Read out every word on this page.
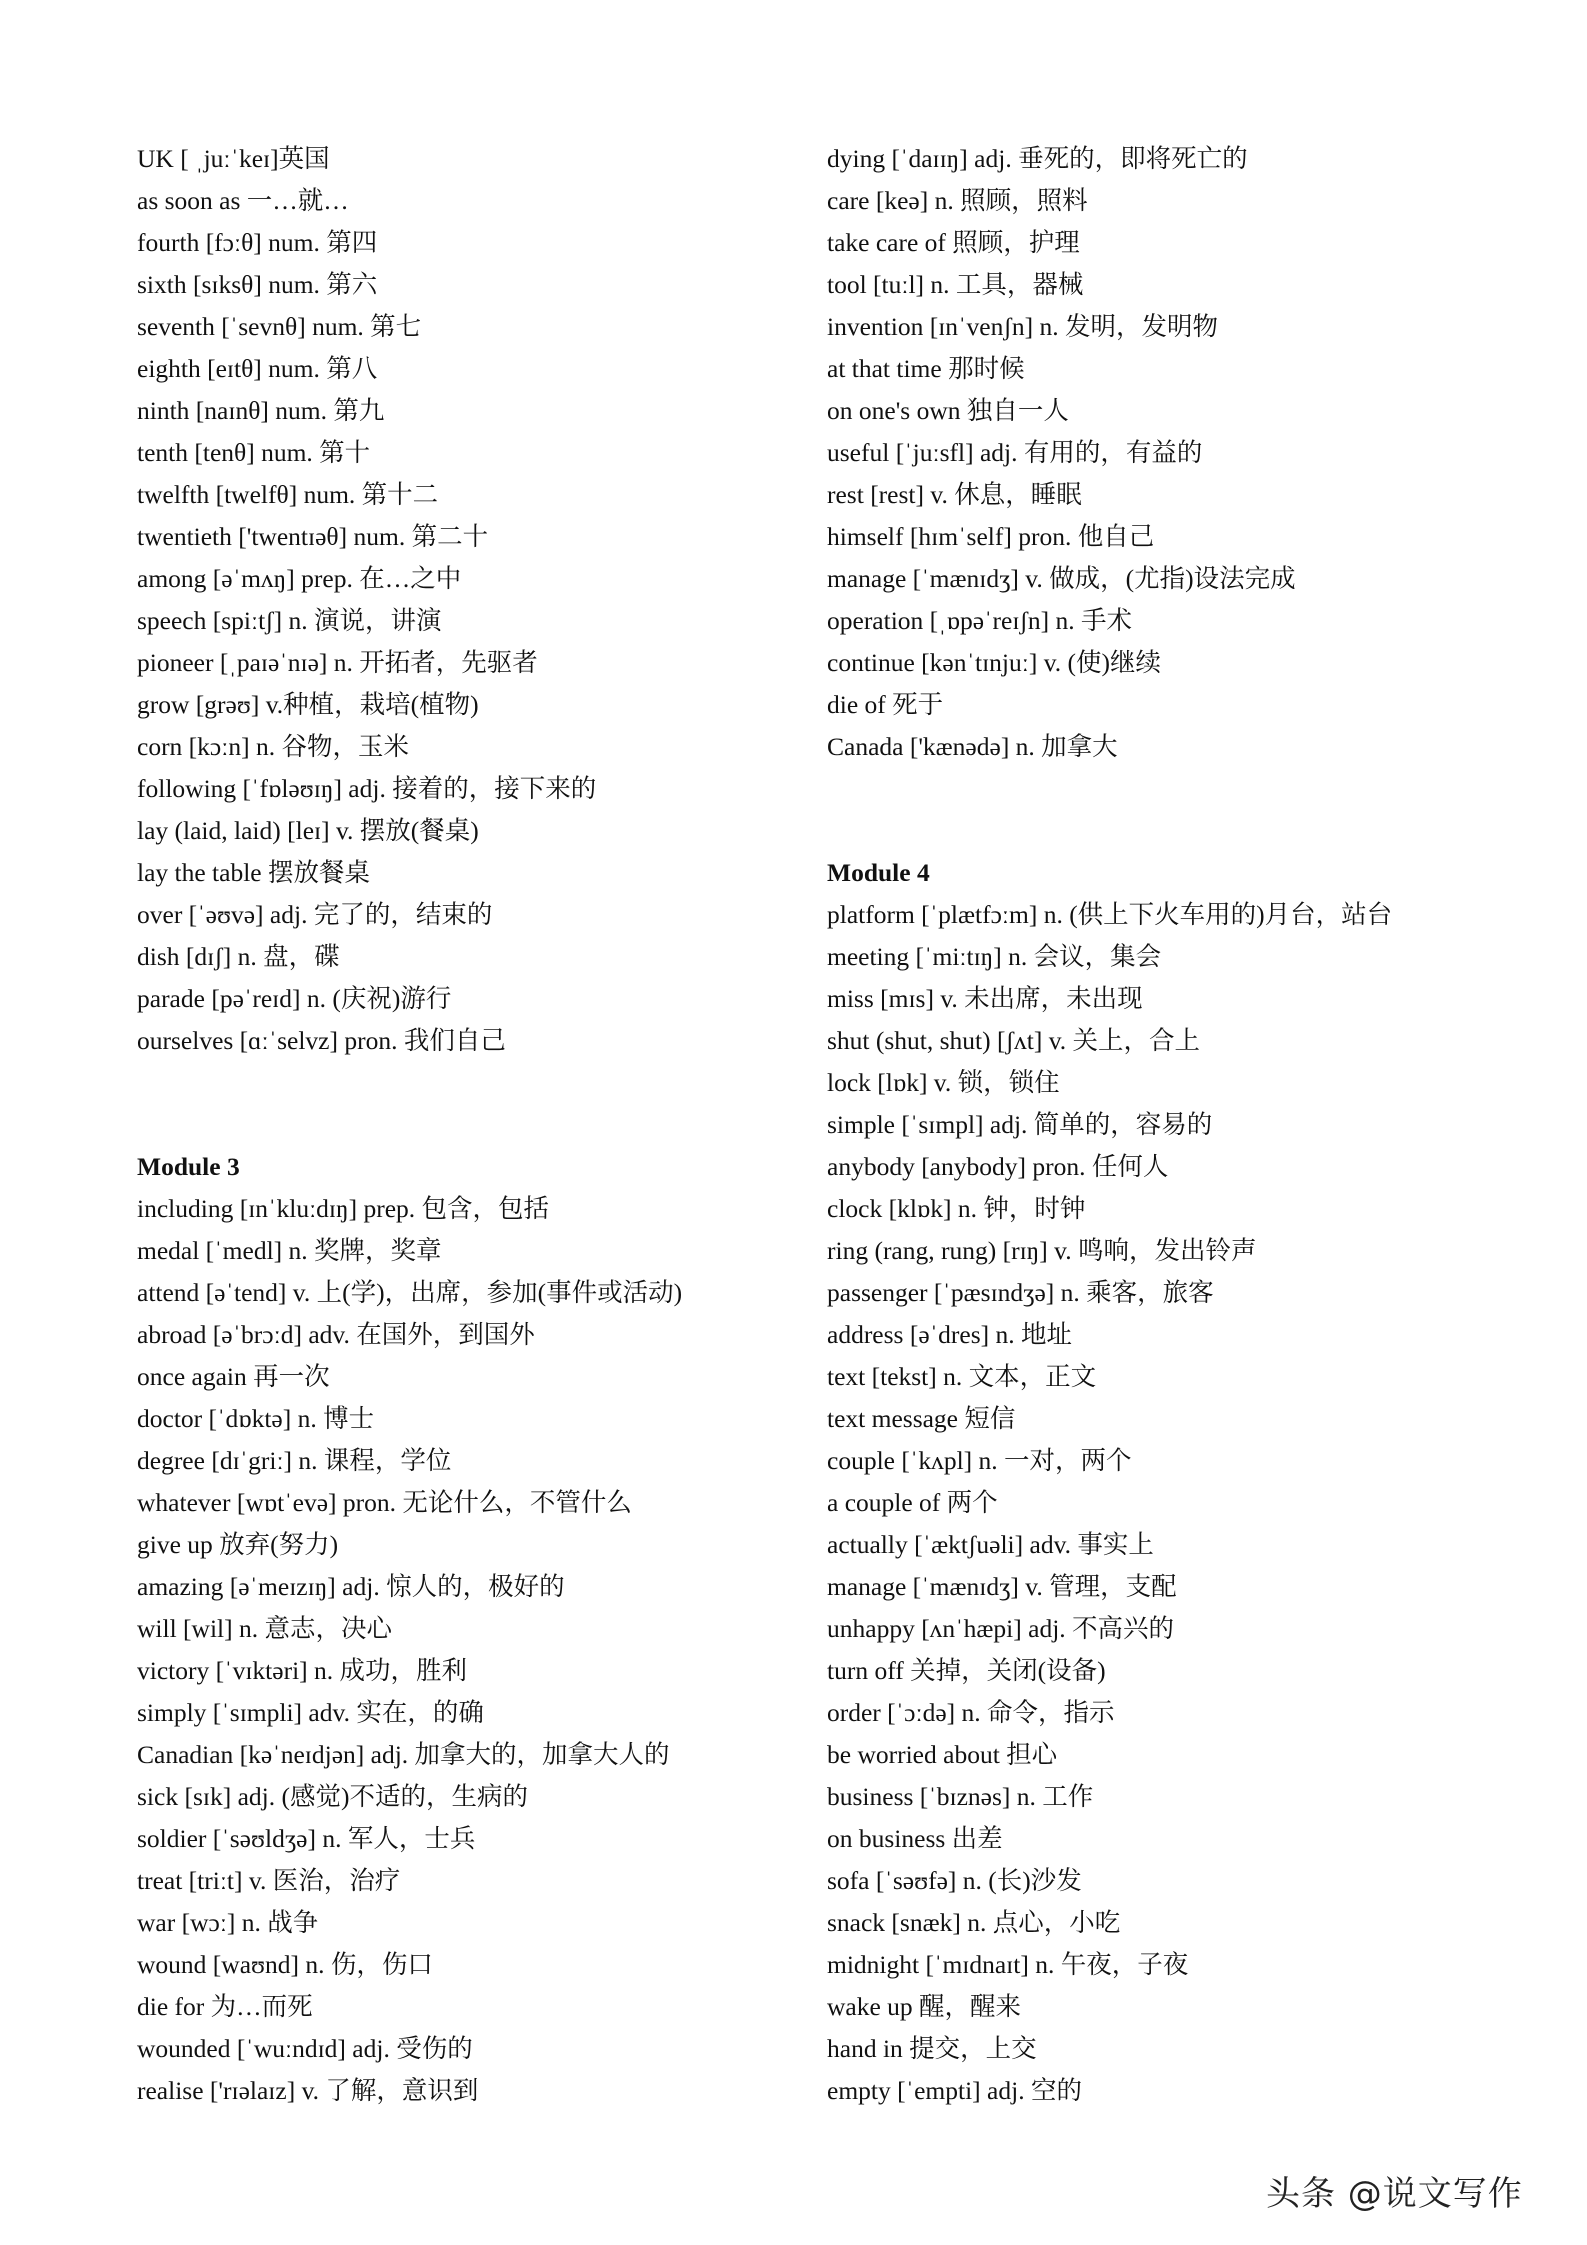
UK [ ˌjuːˈkeɪ]英国
as soon as 一…就…
fourth [fɔːθ] num. 第四
sixth [sɪksθ] num. 第六
seventh [ˈsevnθ] num. 第七
eighth [eɪtθ] num. 第八
ninth [naɪnθ] num. 第九
tenth [tenθ] num. 第十
twelfth [twelfθ] num. 第十二
twentieth ['twentɪəθ] num. 第二十
among [əˈmʌŋ] prep. 在…之中
speech [spiːtʃ] n. 演说，讲演
pioneer [ˌpaɪəˈnɪə] n. 开拓者，先驱者
grow [grəʊ] v.种植，栽培(植物)
corn [kɔːn] n. 谷物，玉米
following [ˈfɒləʊɪŋ] adj. 接着的，接下来的
lay (laid, laid) [leɪ] v. 摆放(餐桌)
lay the table 摆放餐桌
over [ˈəʊvə] adj. 完了的，结束的
dish [dɪʃ] n. 盘，碟
parade [pəˈreɪd] n. (庆祝)游行
ourselves [ɑːˈselvz] pron. 我们自己
Module 3
including [ɪnˈkluːdɪŋ] prep. 包含，包括
medal [ˈmedl] n. 奖牌，奖章
attend [əˈtend] v. 上(学)，出席，参加(事件或活动)
abroad [əˈbrɔːd] adv. 在国外，到国外
once again 再一次
doctor [ˈdɒktə] n. 博士
degree [dɪˈgriː] n. 课程，学位
whatever [wɒtˈevə] pron. 无论什么，不管什么
give up 放弃(努力)
amazing [əˈmeɪzɪŋ] adj. 惊人的，极好的
will [wil] n. 意志，决心
victory [ˈvɪktəri] n. 成功，胜利
simply [ˈsɪmpli] adv. 实在，的确
Canadian [kəˈneɪdjən] adj. 加拿大的，加拿大人的
sick [sɪk] adj. (感觉)不适的，生病的
soldier [ˈsəʊldʒə] n. 军人，士兵
treat [triːt] v. 医治，治疗
war [wɔː] n. 战争
wound [waʊnd] n. 伤，伤口
die for 为…而死
wounded [ˈwuːndɪd] adj. 受伤的
realise ['rɪəlaɪz] v. 了解，意识到
dying [ˈdaɪɪŋ] adj. 垂死的，即将死亡的
care [keə] n. 照顾，照料
take care of 照顾，护理
tool [tuːl] n. 工具，器械
invention [ɪnˈvenʃn] n. 发明，发明物
at that time 那时候
on one's own 独自一人
useful [ˈjuːsfl] adj. 有用的，有益的
rest [rest] v. 休息，睡眠
himself [hɪmˈself] pron. 他自己
manage [ˈmænɪdʒ] v. 做成，(尤指)设法完成
operation [ˌɒpəˈreɪʃn] n. 手术
continue [kənˈtɪnjuː] v. (使)继续
die of 死于
Canada ['kænədə] n. 加拿大
Module 4
platform [ˈplætfɔːm] n. (供上下火车用的)月台，站台
meeting [ˈmiːtɪŋ] n. 会议，集会
miss [mɪs] v. 未出席，未出现
shut (shut, shut) [ʃʌt] v. 关上，合上
lock [lɒk] v. 锁，锁住
simple [ˈsɪmpl] adj. 简单的，容易的
anybody [anybody] pron. 任何人
clock [klɒk] n. 钟，时钟
ring (rang, rung) [rɪŋ] v. 鸣响，发出铃声
passenger [ˈpæsɪndʒə] n. 乘客，旅客
address [əˈdres] n. 地址
text [tekst] n. 文本，正文
text message 短信
couple [ˈkʌpl] n. 一对，两个
a couple of 两个
actually [ˈæktʃuəli] adv. 事实上
manage [ˈmænɪdʒ] v. 管理，支配
unhappy [ʌnˈhæpi] adj. 不高兴的
turn off 关掉，关闭(设备)
order [ˈɔːdə] n. 命令，指示
be worried about 担心
business [ˈbɪznəs] n. 工作
on business 出差
sofa [ˈsəʊfə] n. (长)沙发
snack [snæk] n. 点心，小吃
midnight [ˈmɪdnaɪt] n. 午夜，子夜
wake up 醒，醒来
hand in 提交，上交
empty [ˈempti] adj. 空的
头条 @说文写作
